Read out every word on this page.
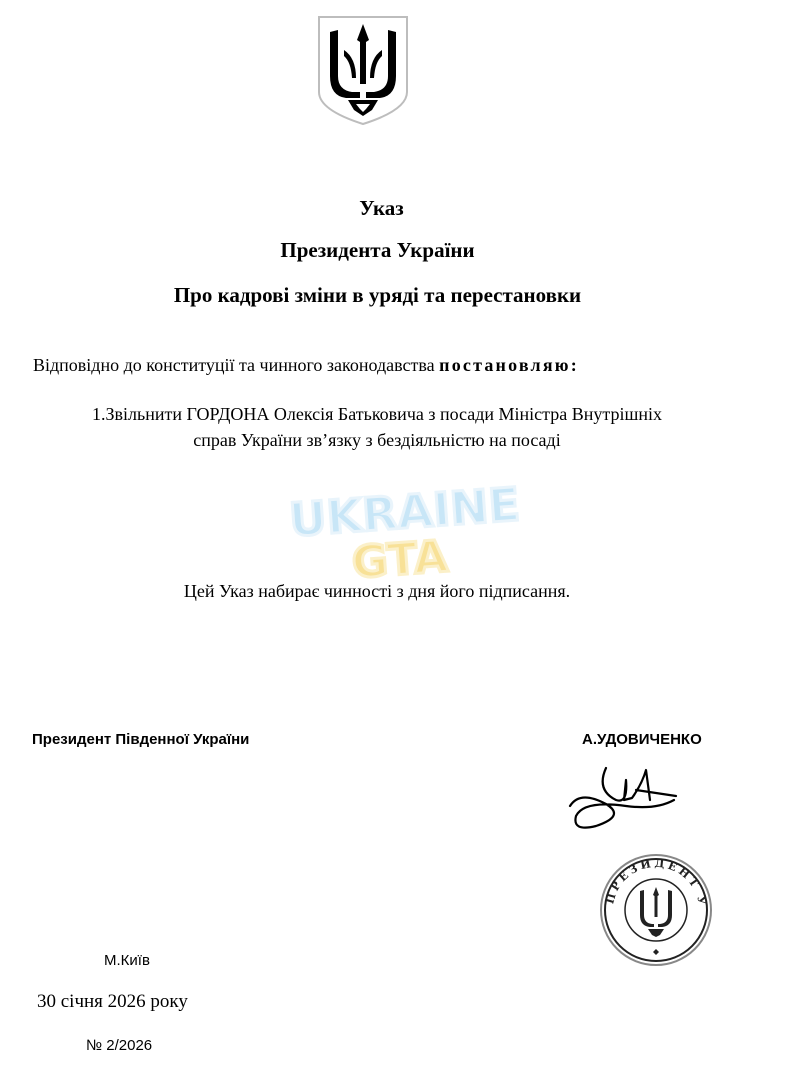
Указ
Президента України
Про кадрові зміни в уряді та перестановки
Відповідно до конституції та чинного законодавства постановляю:
1.Звільнити ГОРДОНА Олексія Батьковича з посади Міністра Внутрішніх
справ України зв’язку з бездіяльністю на посаді
UKRAINE
GTA
Цей Указ набирає чинності з дня його підписання.
Президент Південної України	А.УДОВИЧЕНКО
ПРЕЗИДЕНТ У
М.Київ
30 січня 2026 року
№ 2/2026
